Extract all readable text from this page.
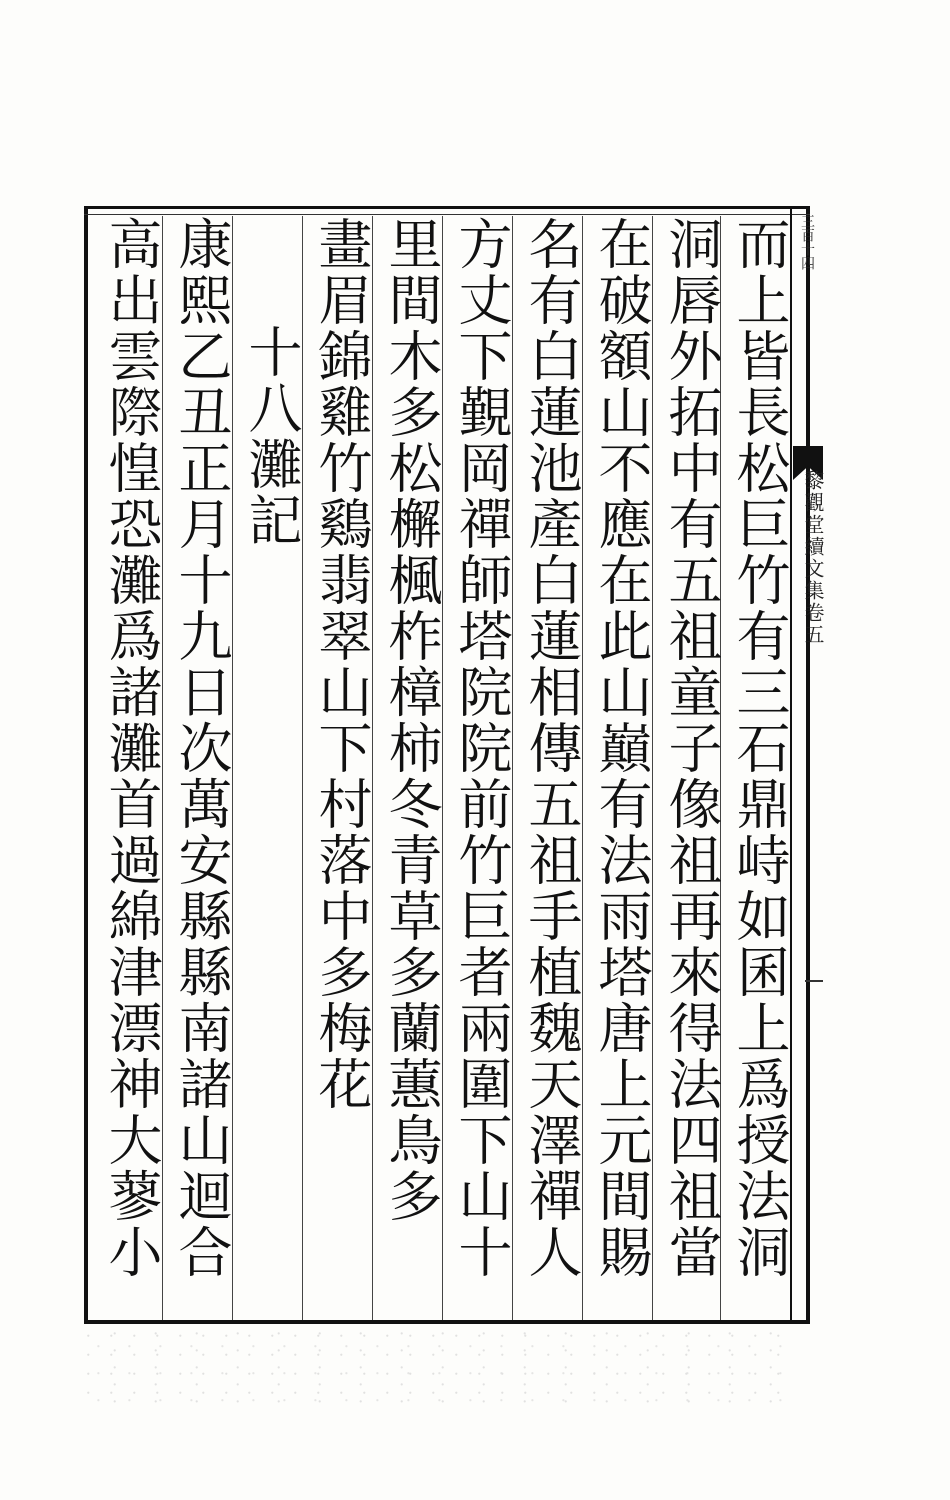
三百十四
黎觀堂續文集卷五
而上皆長松巨竹有三石鼎峙如囷上爲授法洞
洞唇外拓中有五祖童子像祖再來得法四祖當
在破額山不應在此山巔有法雨塔唐上元間賜
名有白蓮池產白蓮相傳五祖手植魏天澤禪人
方丈下覲岡禪師塔院院前竹巨者兩圍下山十
里間木多松檞楓柞樟柿冬青草多蘭蕙鳥多
畫眉錦雞竹鷄翡翠山下村落中多梅花
十八灘記
康熙乙丑正月十九日次萬安縣縣南諸山迴合
高出雲際惶恐灘爲諸灘首過綿津漂神大蓼小
